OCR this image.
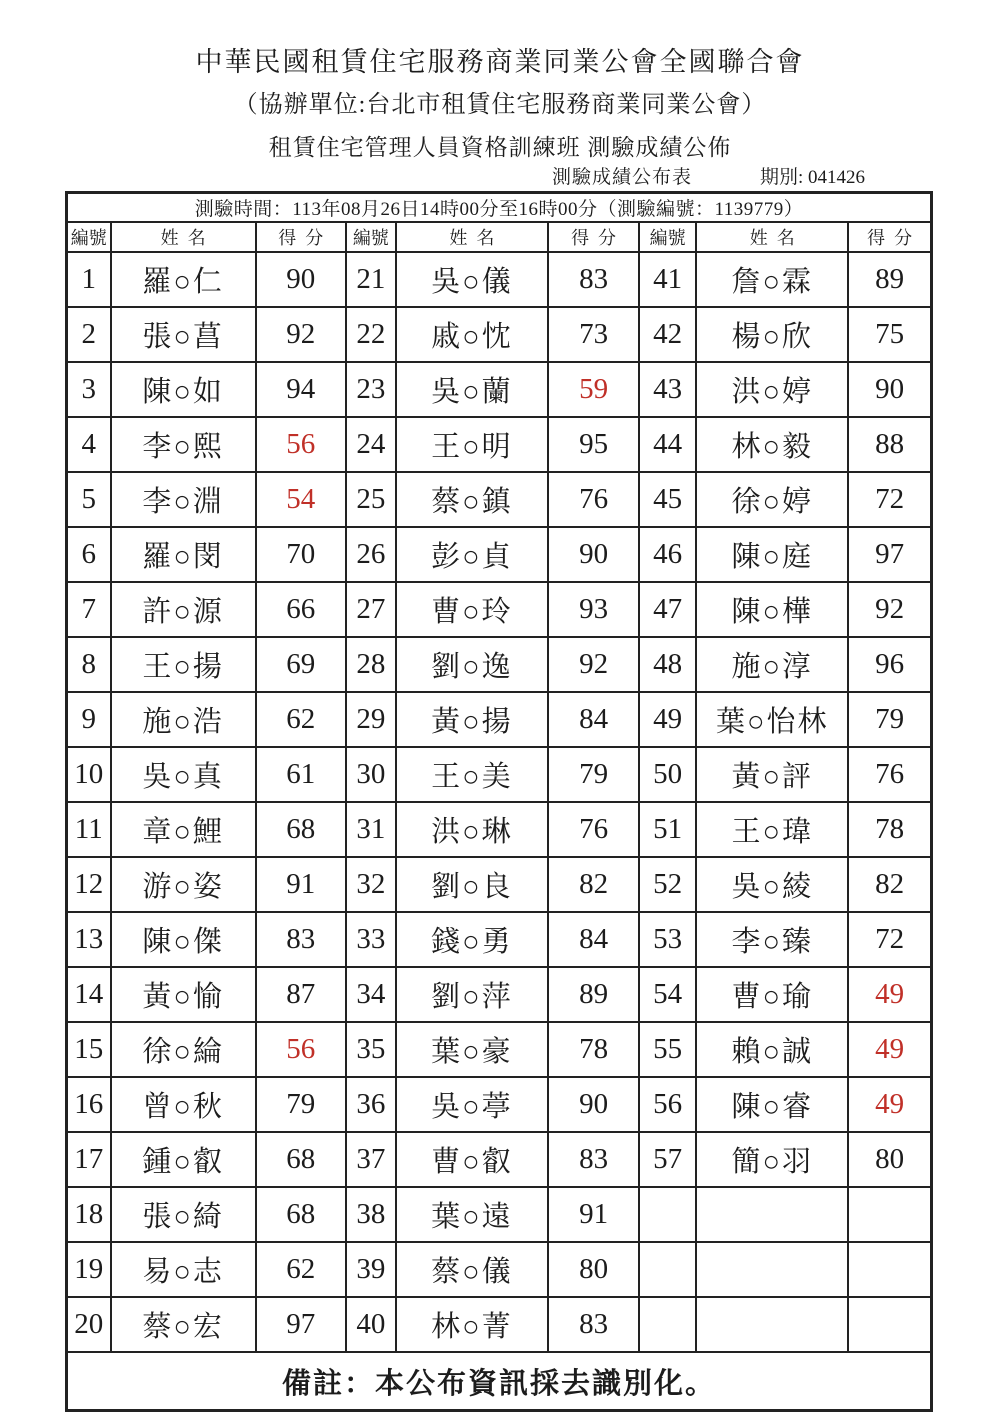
中華民國租賃住宅服務商業同業公會全國聯合會
（協辦單位:台北市租賃住宅服務商業同業公會）
租賃住宅管理人員資格訓練班 測驗成績公佈
測驗成績公布表	期別: 041426
測驗時間：113年08月26日14時00分至16時00分（測驗編號：1139779）								
編號	姓名	得分	編號	姓名	得分	編號	姓名	得分
1	羅○仁	90	21	吳○儀	83	41	詹○霖	89
2	張○菖	92	22	戚○忱	73	42	楊○欣	75
3	陳○如	94	23	吳○蘭	59	43	洪○婷	90
4	李○熙	56	24	王○明	95	44	林○毅	88
5	李○淵	54	25	蔡○鎮	76	45	徐○婷	72
6	羅○閔	70	26	彭○貞	90	46	陳○庭	97
7	許○源	66	27	曹○玲	93	47	陳○樺	92
8	王○揚	69	28	劉○逸	92	48	施○淳	96
9	施○浩	62	29	黃○揚	84	49	葉○怡林	79
10	吳○真	61	30	王○美	79	50	黃○評	76
11	章○鯉	68	31	洪○琳	76	51	王○瑋	78
12	游○姿	91	32	劉○良	82	52	吳○綾	82
13	陳○傑	83	33	錢○勇	84	53	李○臻	72
14	黃○愉	87	34	劉○萍	89	54	曹○瑜	49
15	徐○綸	56	35	葉○豪	78	55	賴○誠	49
16	曾○秋	79	36	吳○葶	90	56	陳○睿	49
17	鍾○叡	68	37	曹○叡	83	57	簡○羽	80
18	張○綺	68	38	葉○遠	91			
19	易○志	62	39	蔡○儀	80			
20	蔡○宏	97	40	林○菁	83			
備註：本公布資訊採去識別化。								
